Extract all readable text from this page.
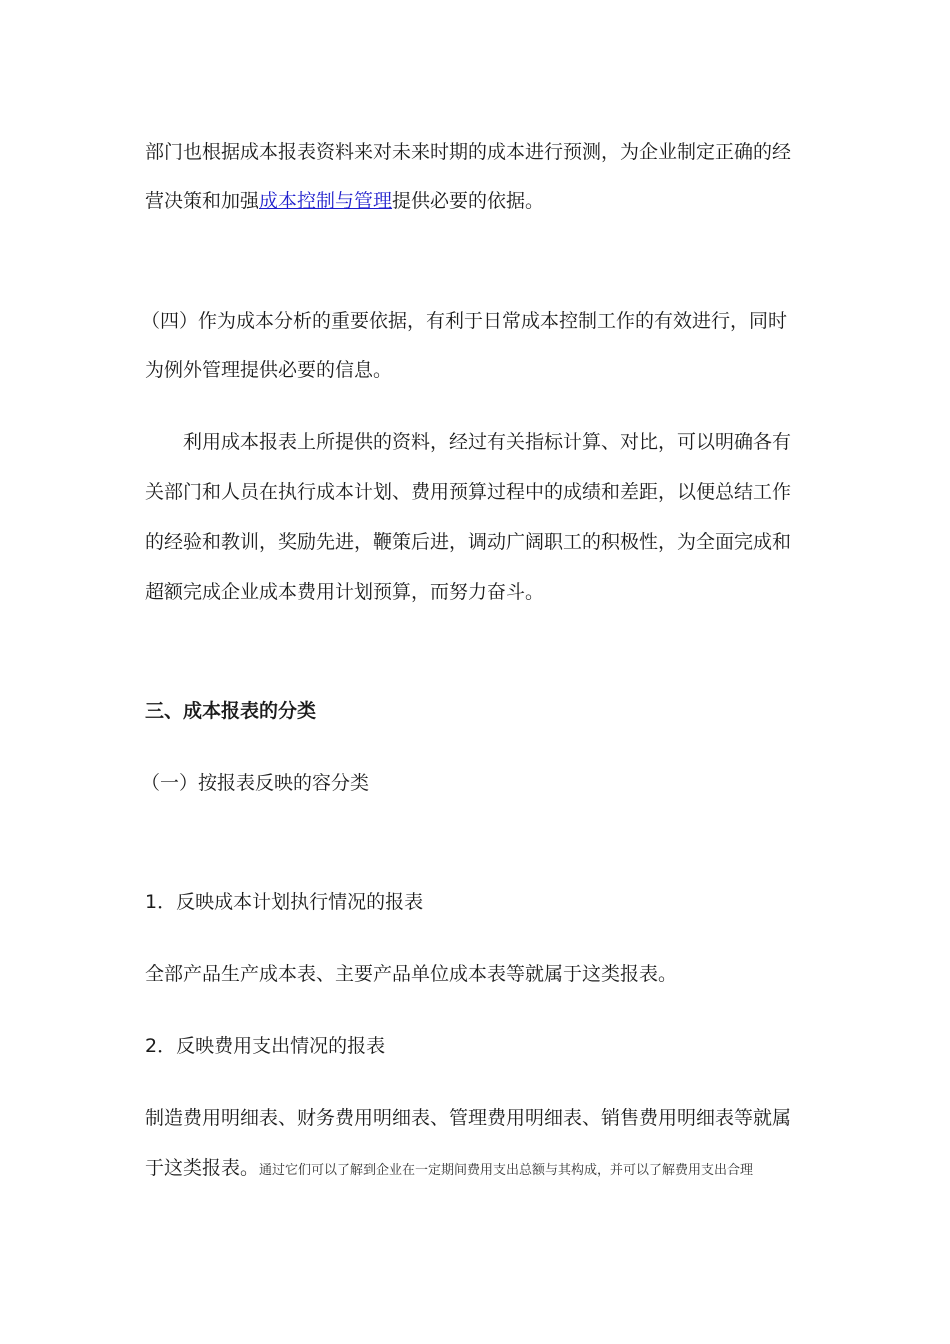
部门也根据成本报表资料来对未来时期的成本进行预测，为企业制定正确的经
营决策和加强成本控制与管理提供必要的依据。
（四）作为成本分析的重要依据，有利于日常成本控制工作的有效进行，同时
为例外管理提供必要的信息。
利用成本报表上所提供的资料，经过有关指标计算、对比，可以明确各有
关部门和人员在执行成本计划、费用预算过程中的成绩和差距，以便总结工作
的经验和教训，奖励先进，鞭策后进，调动广阔职工的积极性，为全面完成和
超额完成企业成本费用计划预算，而努力奋斗。
三、成本报表的分类
（一）按报表反映的容分类
1．反映成本计划执行情况的报表
全部产品生产成本表、主要产品单位成本表等就属于这类报表。
2．反映费用支出情况的报表
制造费用明细表、财务费用明细表、管理费用明细表、销售费用明细表等就属
于这类报表。通过它们可以了解到企业在一定期间费用支出总额与其构成，并可以了解费用支出合理
